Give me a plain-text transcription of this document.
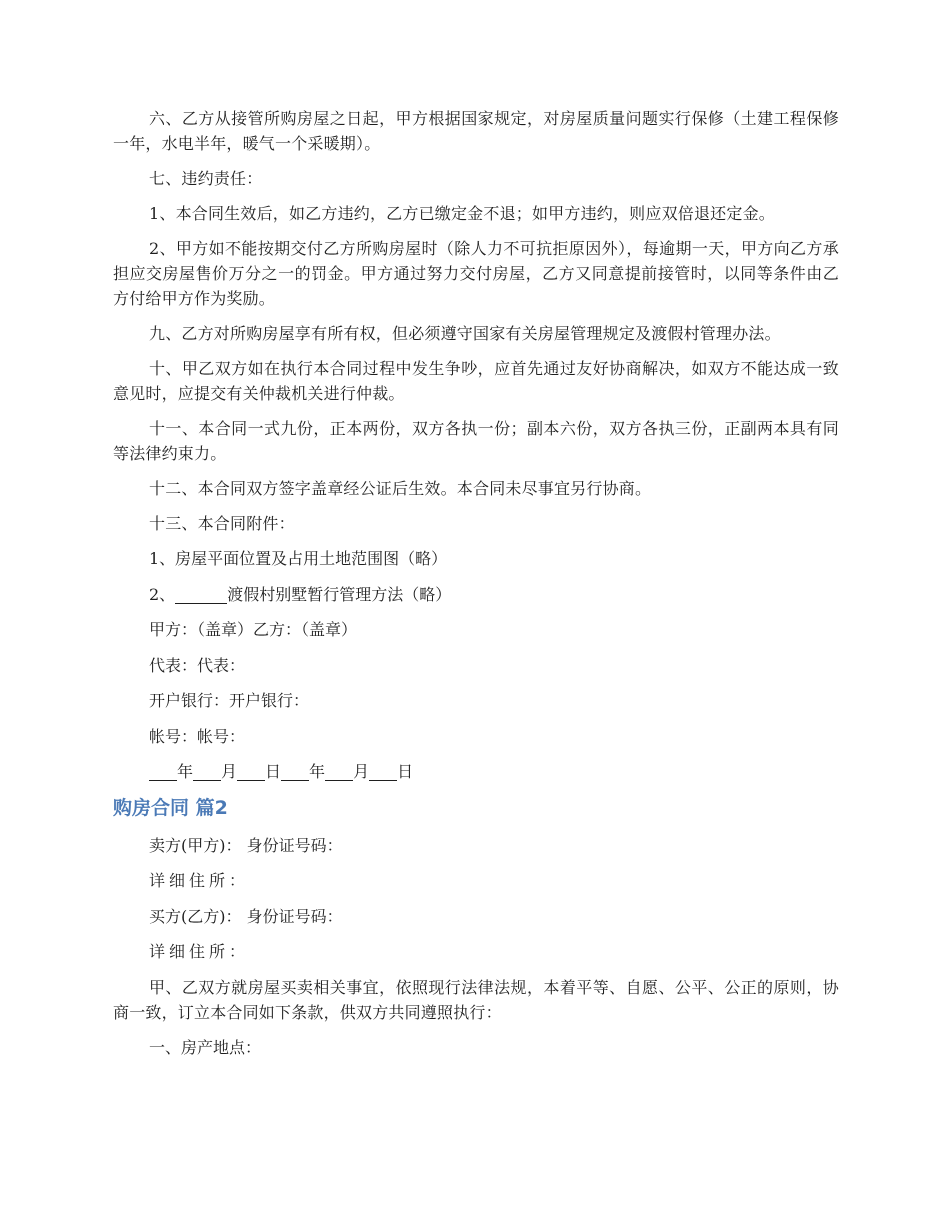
六、乙方从接管所购房屋之日起，甲方根据国家规定，对房屋质量问题实行保修（土建工程保修一年，水电半年，暖气一个采暖期）。

七、违约责任：

1、本合同生效后，如乙方违约，乙方已缴定金不退；如甲方违约，则应双倍退还定金。

2、甲方如不能按期交付乙方所购房屋时（除人力不可抗拒原因外），每逾期一天，甲方向乙方承担应交房屋售价万分之一的罚金。甲方通过努力交付房屋，乙方又同意提前接管时，以同等条件由乙方付给甲方作为奖励。

九、乙方对所购房屋享有所有权，但必须遵守国家有关房屋管理规定及渡假村管理办法。

十、甲乙双方如在执行本合同过程中发生争吵，应首先通过友好协商解决，如双方不能达成一致意见时，应提交有关仲裁机关进行仲裁。

十一、本合同一式九份，正本两份，双方各执一份；副本六份，双方各执三份，正副两本具有同等法律约束力。

十二、本合同双方签字盖章经公证后生效。本合同未尽事宜另行协商。

十三、本合同附件：

1、房屋平面位置及占用土地范围图（略）
2、	渡假村别墅暂行管理方法（略）
甲方：（盖章）乙方：（盖章）
代表：代表：
开户银行：开户银行：
帐号：帐号：
年 月 日 年 月 日
购房合同 篇2
卖方(甲方)： 身份证号码：
详细住所：
买方(乙方)： 身份证号码：
详细住所：

甲、乙双方就房屋买卖相关事宜，依照现行法律法规，本着平等、自愿、公平、公正的原则，协商一致，订立本合同如下条款，供双方共同遵照执行：

一、房产地点：
